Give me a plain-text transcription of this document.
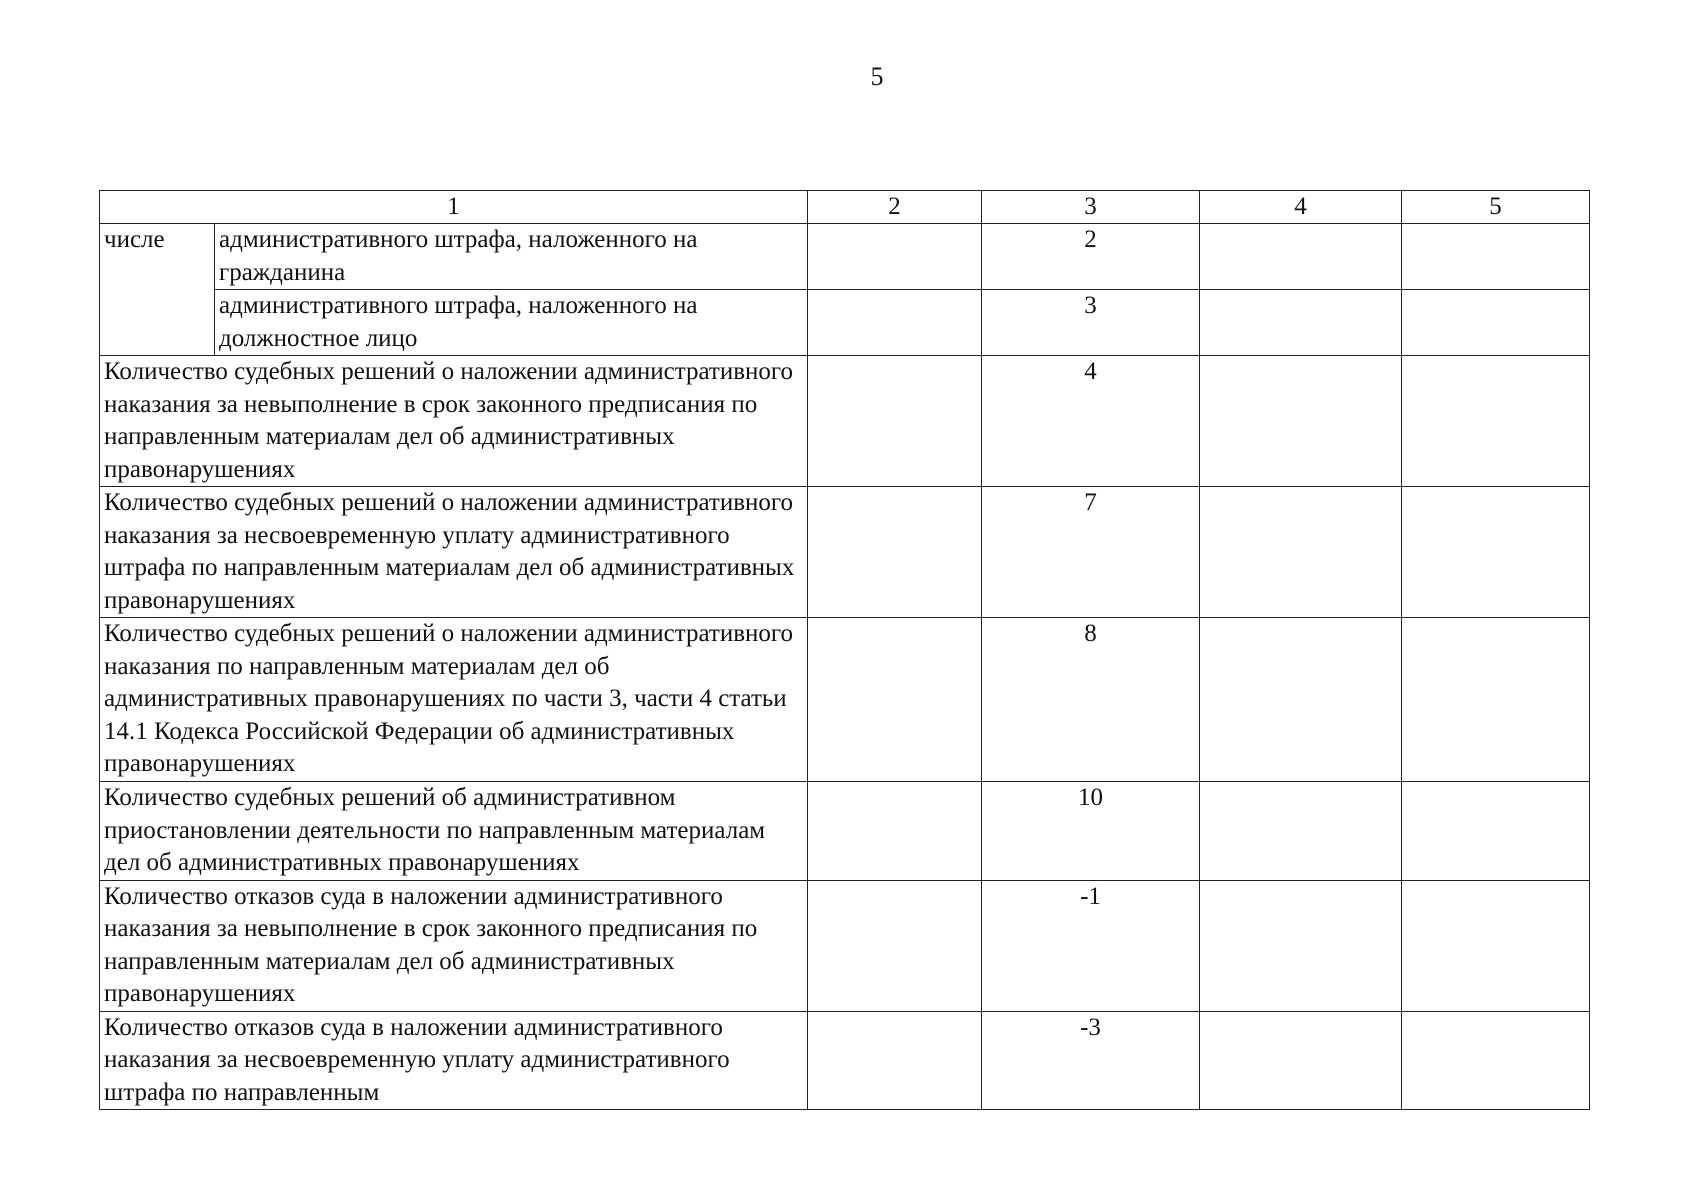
5
1		2	3	4	5
числе	административного штрафа, наложенного на гражданина		2		
	административного штрафа, наложенного на должностное лицо		3		
Количество судебных решений о наложении административного наказания за невыполнение в срок законного предписания по направленным материалам дел об административных правонарушениях			4		
Количество судебных решений о наложении административного наказания за несвоевременную уплату административного штрафа по направленным материалам дел об административных правонарушениях			7		
Количество судебных решений о наложении административного наказания по направленным материалам дел об административных правонарушениях по части 3, части 4 статьи 14.1 Кодекса Российской Федерации об административных правонарушениях			8		
Количество судебных решений об административном приостановлении деятельности по направленным материалам дел об административных правонарушениях			10		
Количество отказов суда в наложении административного наказания за невыполнение в срок законного предписания по направленным материалам дел об административных правонарушениях			-1		
Количество отказов суда в наложении административного наказания за несвоевременную уплату административного штрафа по направленным			-3		
